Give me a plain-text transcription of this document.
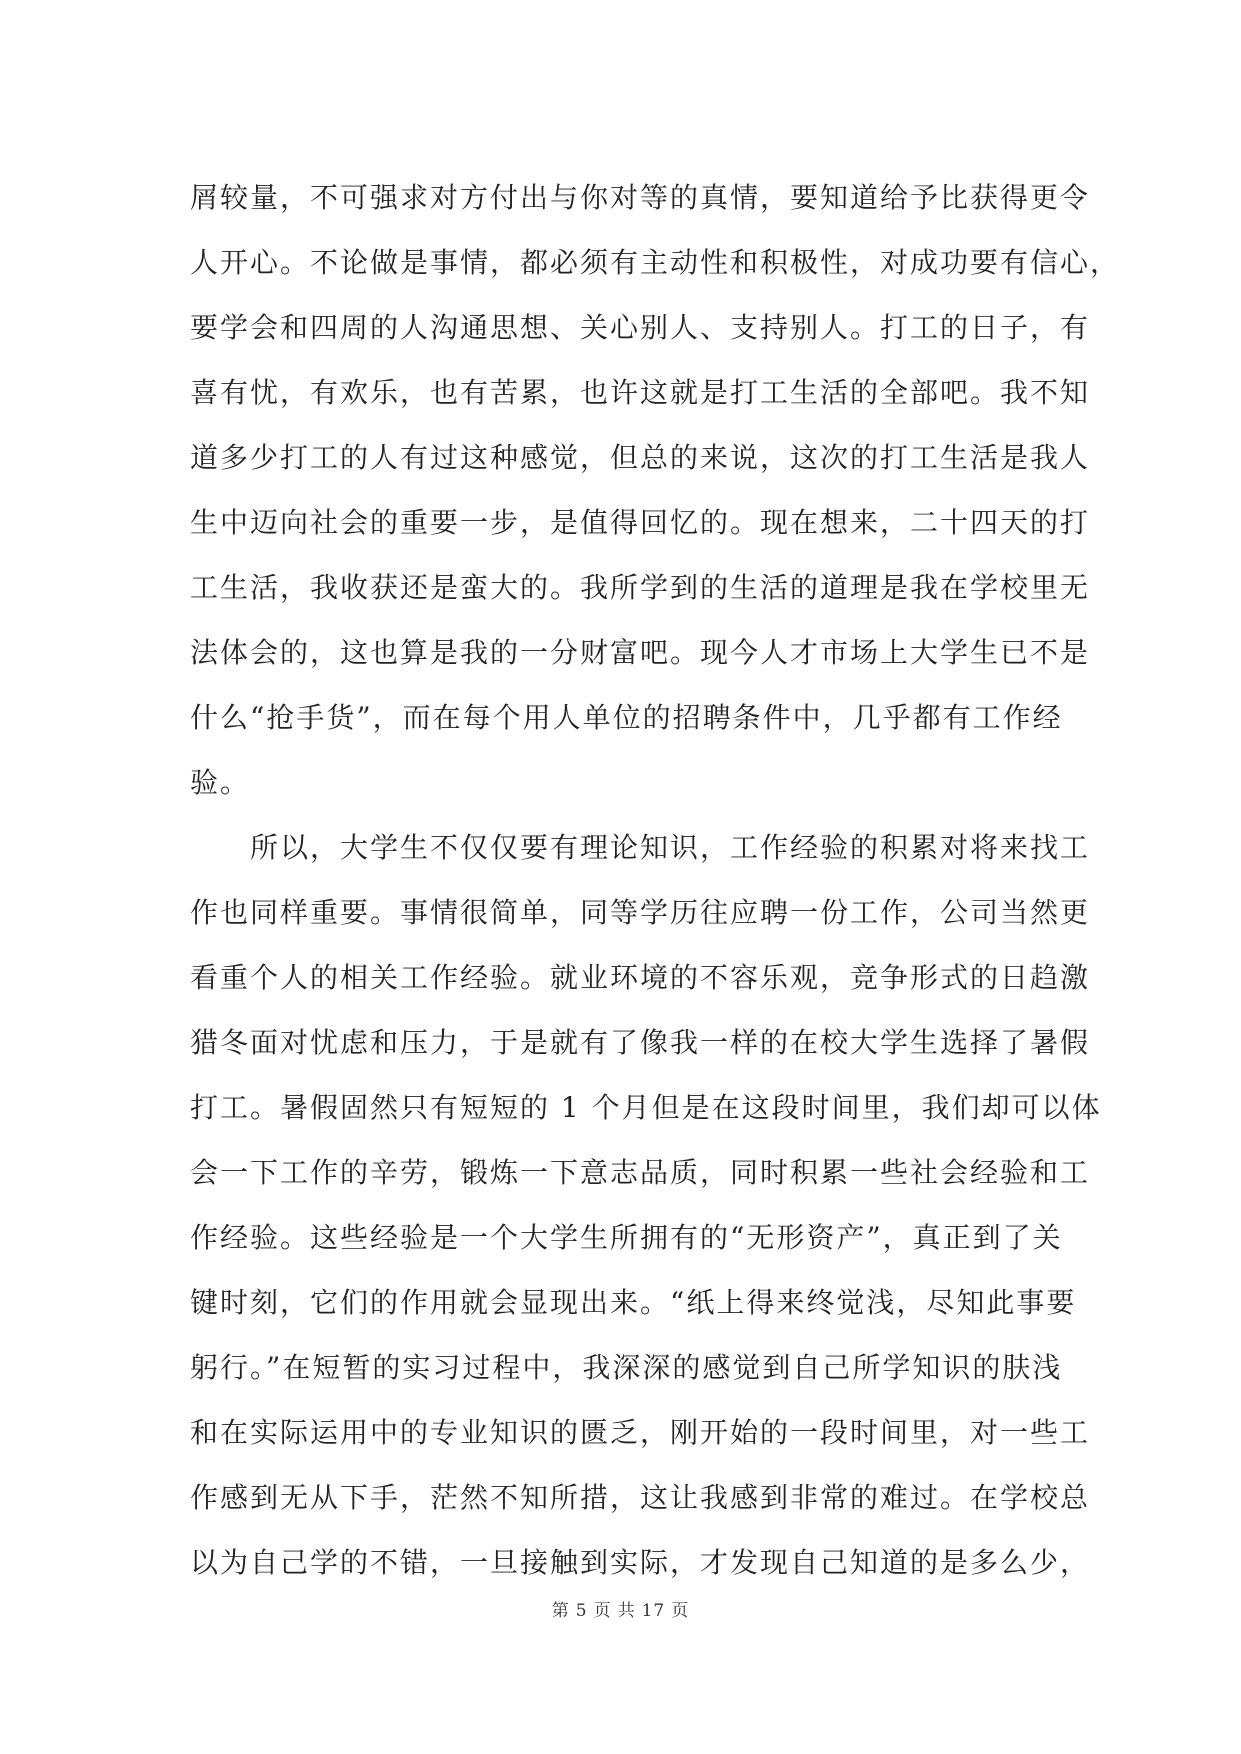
屑较量，不可强求对方付出与你对等的真情，要知道给予比获得更令
人开心。不论做是事情，都必须有主动性和积极性，对成功要有信心，
要学会和四周的人沟通思想、关心别人、支持别人。打工的日子，有
喜有忧，有欢乐，也有苦累，也许这就是打工生活的全部吧。我不知
道多少打工的人有过这种感觉，但总的来说，这次的打工生活是我人
生中迈向社会的重要一步，是值得回忆的。现在想来，二十四天的打
工生活，我收获还是蛮大的。我所学到的生活的道理是我在学校里无
法体会的，这也算是我的一分财富吧。现今人才市场上大学生已不是
什么“抢手货”，而在每个用人单位的招聘条件中，几乎都有工作经
验。
　　所以，大学生不仅仅要有理论知识，工作经验的积累对将来找工
作也同样重要。事情很简单，同等学历往应聘一份工作，公司当然更
看重个人的相关工作经验。就业环境的不容乐观，竞争形式的日趋激
猎冬面对忧虑和压力，于是就有了像我一样的在校大学生选择了暑假
打工。暑假固然只有短短的 1 个月但是在这段时间里，我们却可以体
会一下工作的辛劳，锻炼一下意志品质，同时积累一些社会经验和工
作经验。这些经验是一个大学生所拥有的“无形资产”，真正到了关
键时刻，它们的作用就会显现出来。“纸上得来终觉浅，尽知此事要
躬行。”在短暂的实习过程中，我深深的感觉到自己所学知识的肤浅
和在实际运用中的专业知识的匮乏，刚开始的一段时间里，对一些工
作感到无从下手，茫然不知所措，这让我感到非常的难过。在学校总
以为自己学的不错，一旦接触到实际，才发现自己知道的是多么少，
第 5 页 共 17 页
